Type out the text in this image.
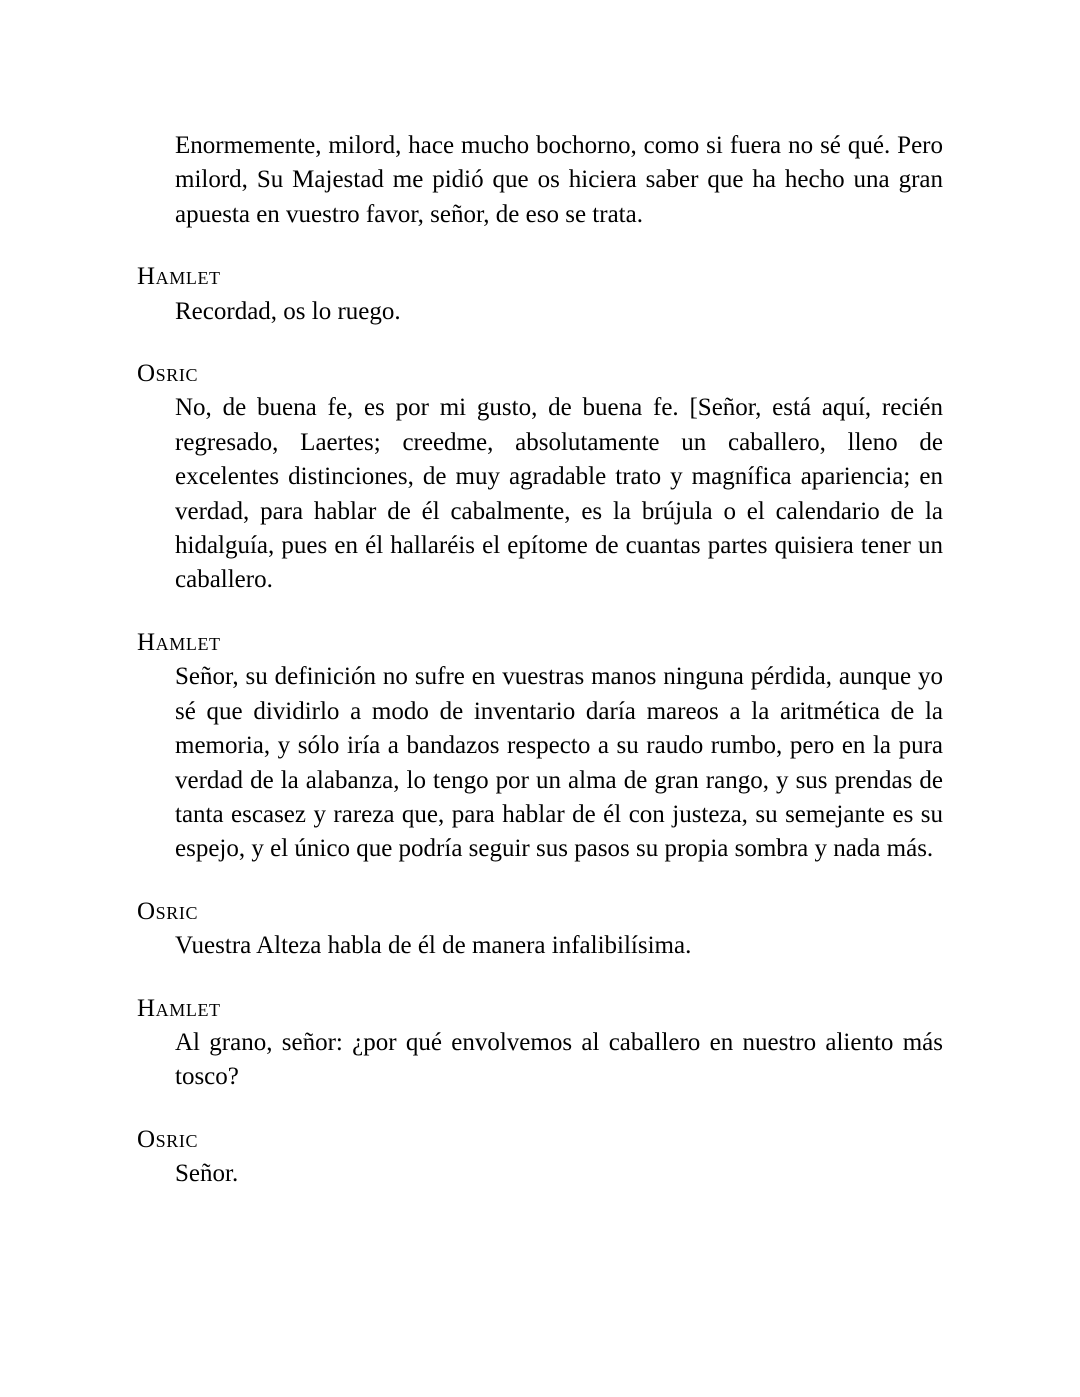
Enormemente, milord, hace mucho bochorno, como si fuera no sé qué. Pero milord, Su Majestad me pidió que os hiciera saber que ha hecho una gran apuesta en vuestro favor, señor, de eso se trata.

Hamlet

Recordad, os lo ruego.

Osric

No, de buena fe, es por mi gusto, de buena fe. [Señor, está aquí, recién regresado, Laertes; creedme, absolutamente un caballero, lleno de excelentes distinciones, de muy agradable trato y magnífica apariencia; en verdad, para hablar de él cabalmente, es la brújula o el calendario de la hidalguía, pues en él hallaréis el epítome de cuantas partes quisiera tener un caballero.

Hamlet

Señor, su definición no sufre en vuestras manos ninguna pérdida, aunque yo sé que dividirlo a modo de inventario daría mareos a la aritmética de la memoria, y sólo iría a bandazos respecto a su raudo rumbo, pero en la pura verdad de la alabanza, lo tengo por un alma de gran rango, y sus prendas de tanta escasez y rareza que, para hablar de él con justeza, su semejante es su espejo, y el único que podría seguir sus pasos su propia sombra y nada más.

Osric

Vuestra Alteza habla de él de manera infalibilísima.

Hamlet

Al grano, señor: ¿por qué envolvemos al caballero en nuestro aliento más tosco?

Osric

Señor.
